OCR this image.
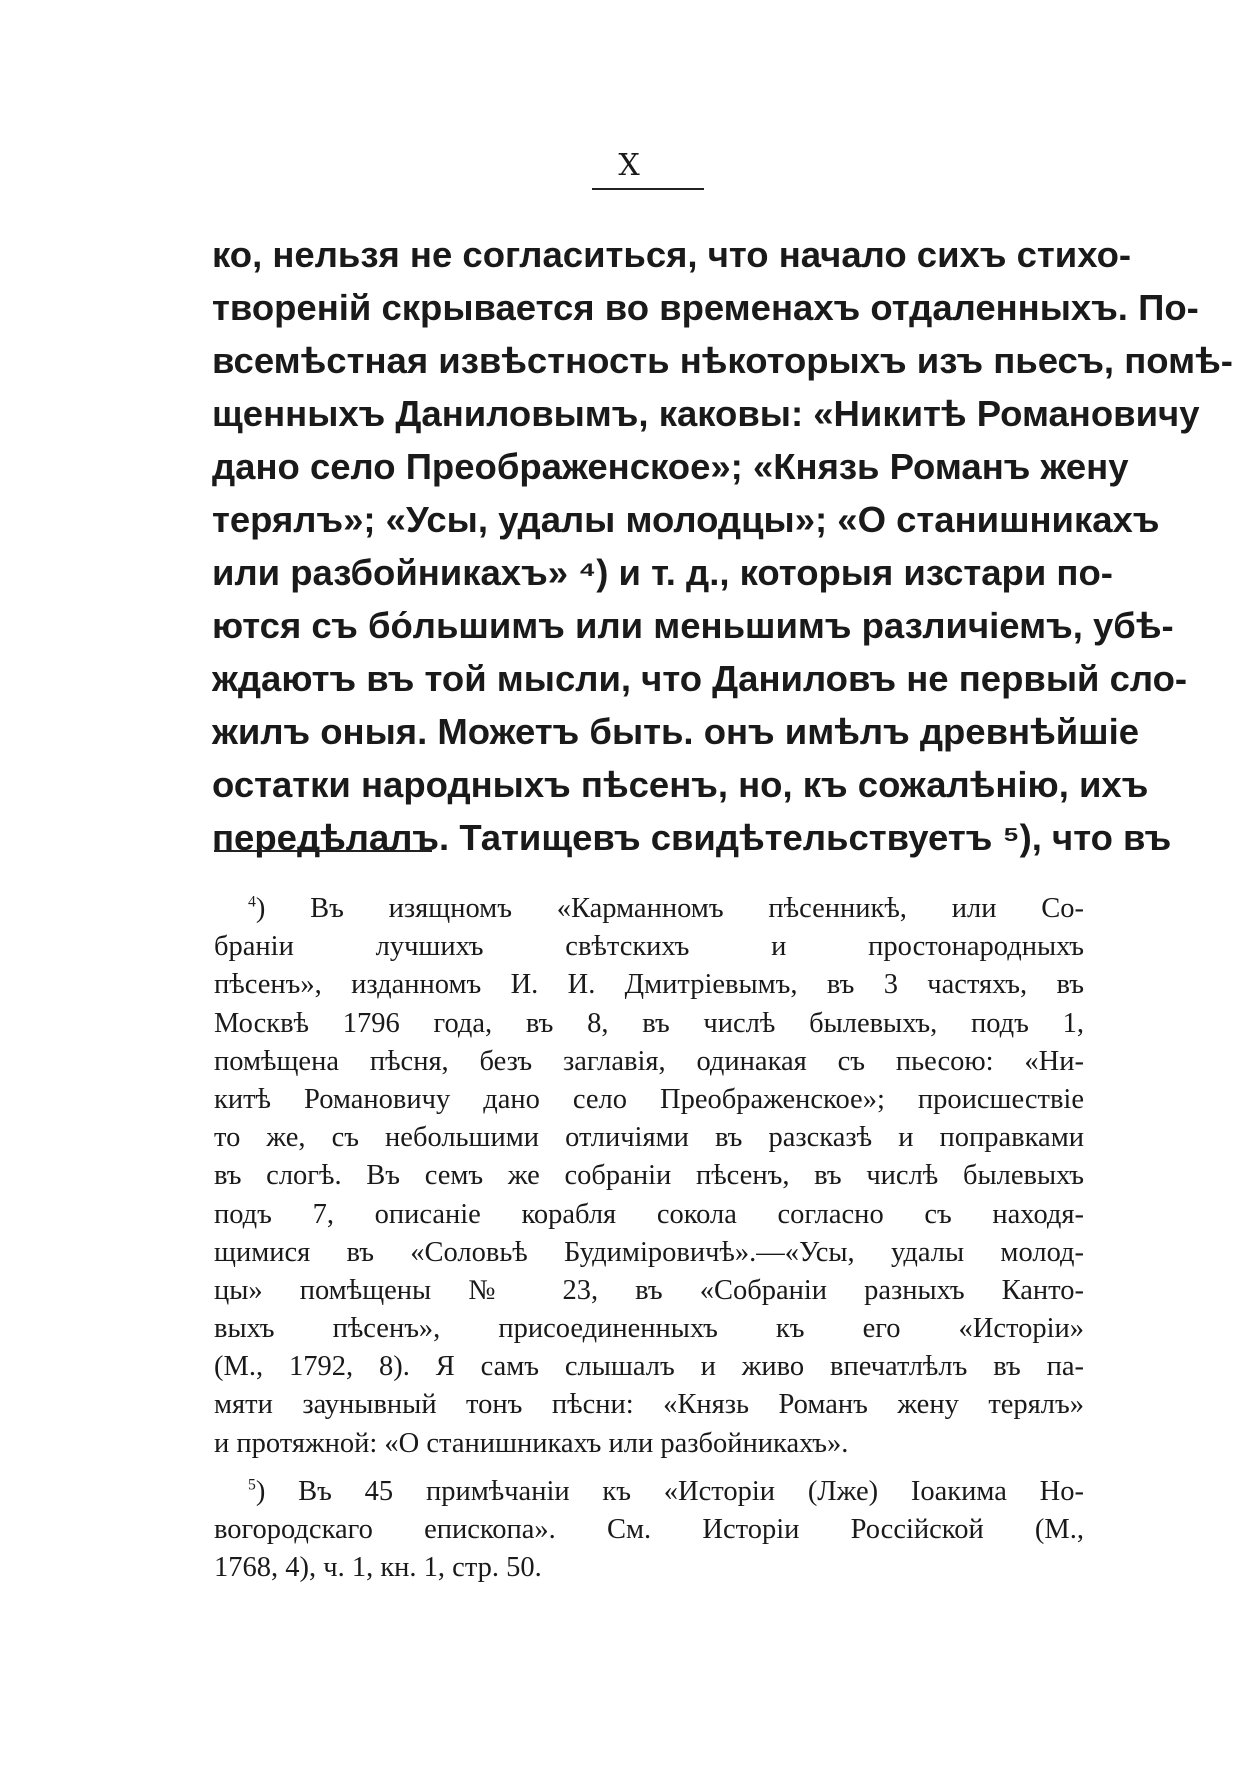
X
ко, нельзя не согласиться, что начало сихъ стихо-
твореній скрывается во временахъ отдаленныхъ. По-
всемѣстная извѣстность нѣкоторыхъ изъ пьесъ, помѣ-
щенныхъ Даниловымъ, каковы: «Никитѣ Романовичу
дано село Преображенское»; «Князь Романъ жену
терялъ»; «Усы, удалы молодцы»; «О станишникахъ
или разбойникахъ» ⁴) и т. д., которыя изстари по-
ются съ бо́льшимъ или меньшимъ различіемъ, убѣ-
ждаютъ въ той мысли, что Даниловъ не первый сло-
жилъ оныя. Можетъ быть. онъ имѣлъ древнѣйшіе
остатки народныхъ пѣсенъ, но, къ сожалѣнію, ихъ
передѣлалъ. Татищевъ свидѣтельствуетъ ⁵), что въ
$^4$) Въ изящномъ «Карманномъ пѣсенникѣ, или Со-
браніи лучшихъ свѣтскихъ и простонародныхъ
пѣсенъ», изданномъ И. И. Дмитріевымъ, въ 3 частяхъ, въ
Москвѣ 1796 года, въ 8, въ числѣ былевыхъ, подъ 1,
помѣщена пѣсня, безъ заглавія, одинакая съ пьесою: «Ни-
китѣ Романовичу дано село Преображенское»; происшествіе
то же, съ небольшими отличіями въ разсказѣ и поправками
въ слогѣ. Въ семъ же собраніи пѣсенъ, въ числѣ былевыхъ
подъ 7, описаніе корабля сокола согласно съ находя-
щимися въ «Соловьѣ Будиміровичѣ».—«Усы, удалы молод-
цы» помѣщены № 23, въ «Собраніи разныхъ Канто-
выхъ пѣсенъ», присоединенныхъ къ его «Исторіи»
(М., 1792, 8). Я самъ слышалъ и живо впечатлѣлъ въ па-
мяти заунывный тонъ пѣсни: «Князь Романъ жену терялъ»
и протяжной: «О станишникахъ или разбойникахъ».
$^5$) Въ 45 примѣчаніи къ «Исторіи (Лже) Іоакима Но-
вогородскаго епископа». См. Исторіи Россійской (М.,
1768, 4), ч. 1, кн. 1, стр. 50.
